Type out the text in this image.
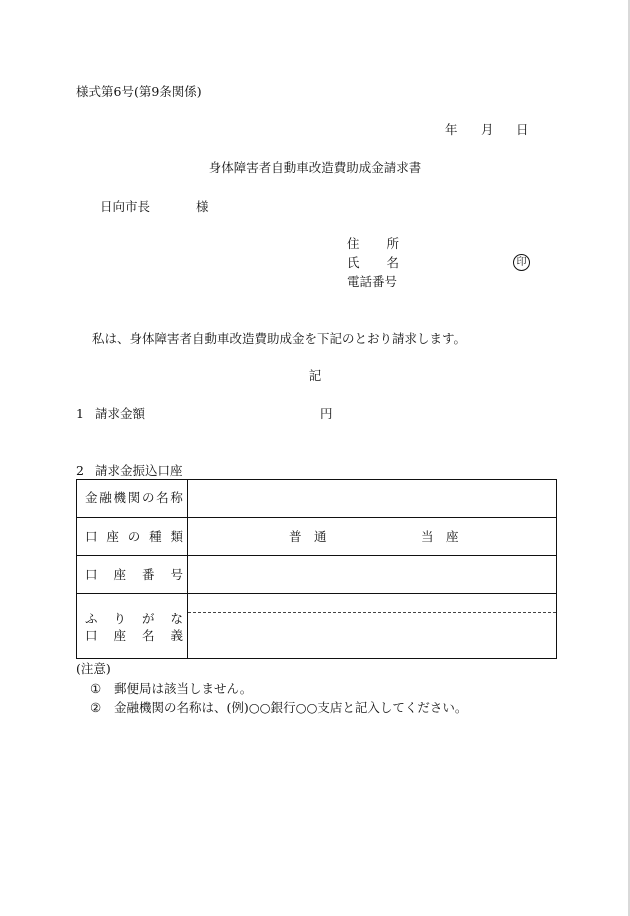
様式第6号(第9条関係)
年 月 日
身体障害者自動車改造費助成金請求書
日向市長	様
住 所
氏 名
電話番号
印
私は、身体障害者自動車改造費助成金を下記のとおり請求します。
記
1 請求金額	円
2 請求金振込口座
金 融 機 関 の 名 称
口 座 の 種 類	普　通	当　座
口 座 番 号
ふ り が な
口 座 名 義
(注意)
① 郵便局は該当しません。
② 金融機関の名称は、(例)○○銀行○○支店と記入してください。
